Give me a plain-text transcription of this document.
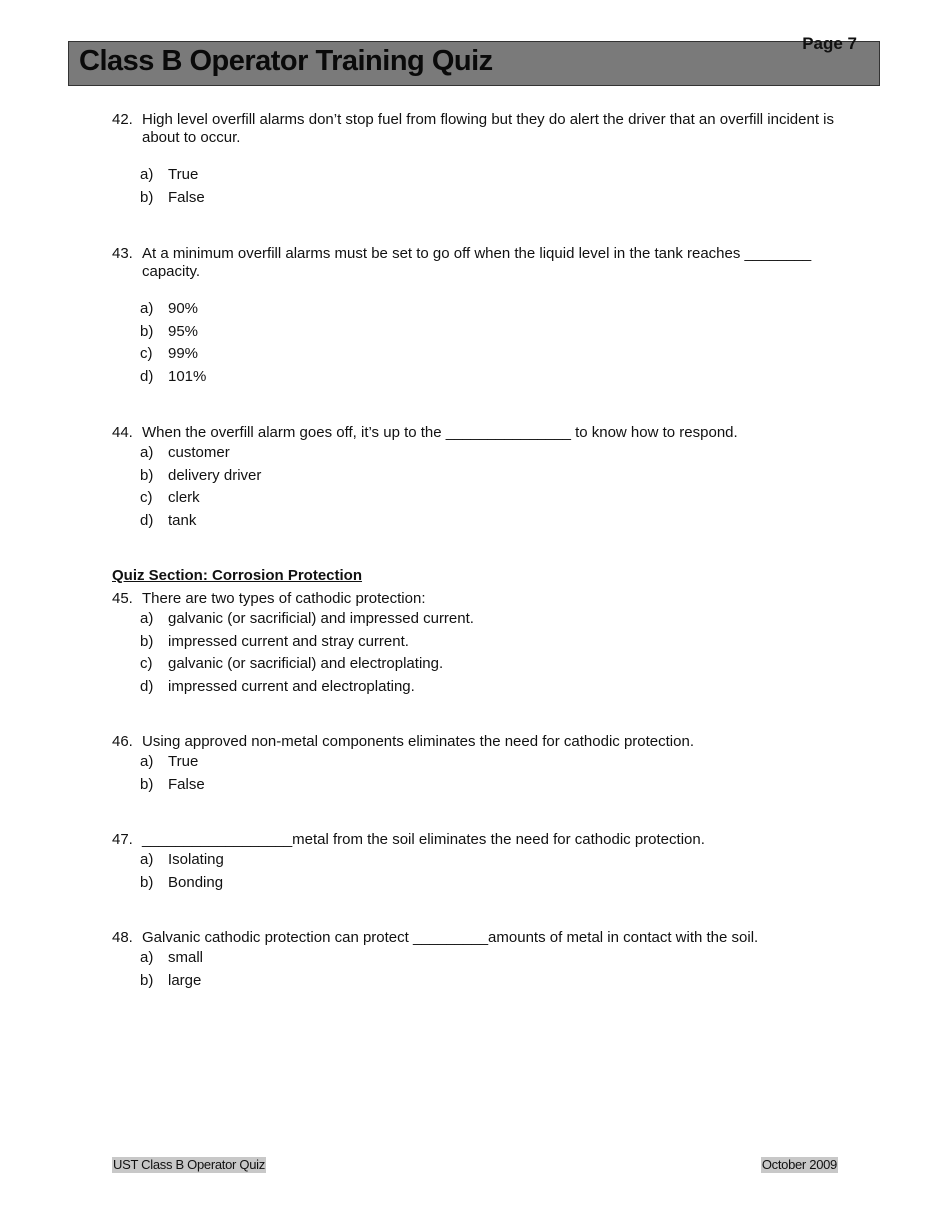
Class B Operator Training Quiz
Page 7
42. High level overfill alarms don’t stop fuel from flowing but they do alert the driver that an overfill incident is about to occur.
a) True
b) False
43. At a minimum overfill alarms must be set to go off when the liquid level in the tank reaches ________ capacity.
a) 90%
b) 95%
c)	99%
d) 101%
44. When the overfill alarm goes off, it’s up to the _______________ to know how to respond.
a) customer
b) delivery driver
c)	clerk
d) tank
Quiz Section: Corrosion Protection
45. There are two types of cathodic protection:
a) galvanic (or sacrificial) and impressed current.
b) impressed current and stray current.
c)	galvanic (or sacrificial) and electroplating.
d) impressed current and electroplating.
46. Using approved non-metal components eliminates the need for cathodic protection.
a) True
b) False
47. __________________metal from the soil eliminates the need for cathodic protection.
a) Isolating
b) Bonding
48. Galvanic cathodic protection can protect _________amounts of metal in contact with the soil.
a) small
b) large
UST Class B Operator Quiz	October 2009
